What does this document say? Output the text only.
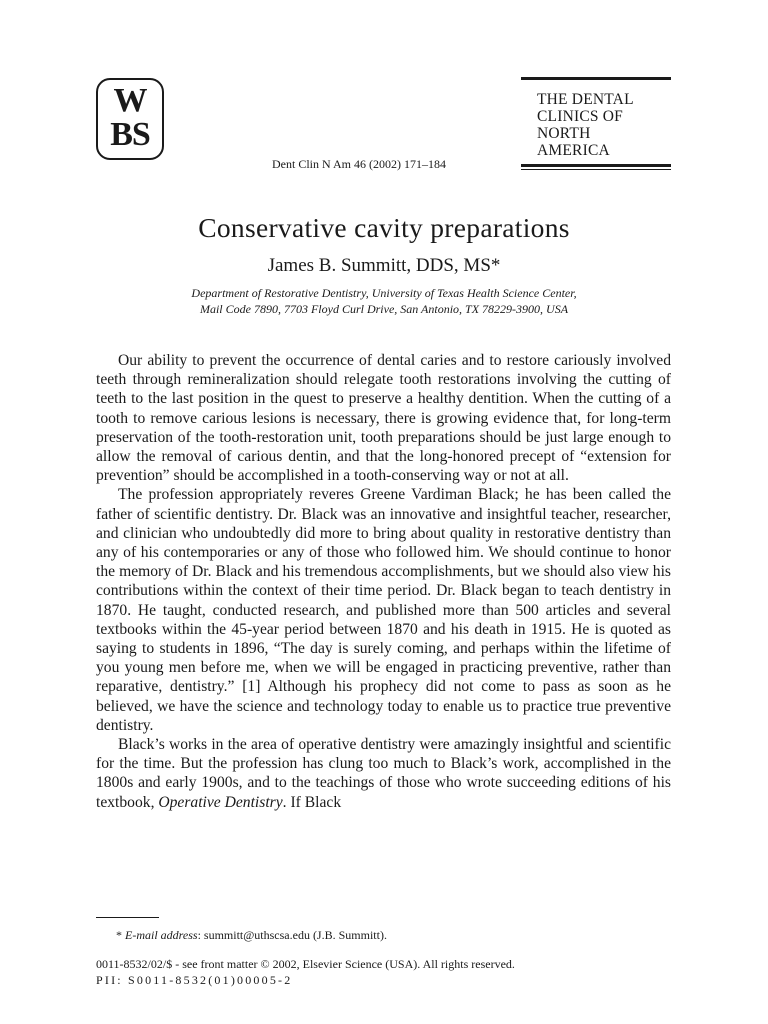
W
BS
THE DENTAL
CLINICS OF
NORTH
AMERICA
Dent Clin N Am 46 (2002) 171–184
Conservative cavity preparations
James B. Summitt, DDS, MS*
Department of Restorative Dentistry, University of Texas Health Science Center,
Mail Code 7890, 7703 Floyd Curl Drive, San Antonio, TX 78229-3900, USA

Our ability to prevent the occurrence of dental caries and to restore cariously involved teeth through remineralization should relegate tooth restorations involving the cutting of teeth to the last position in the quest to preserve a healthy dentition. When the cutting of a tooth to remove carious lesions is necessary, there is growing evidence that, for long-term preservation of the tooth-restoration unit, tooth preparations should be just large enough to allow the removal of carious dentin, and that the long-honored precept of “extension for prevention” should be accomplished in a tooth-conserving way or not at all.

The profession appropriately reveres Greene Vardiman Black; he has been called the father of scientific dentistry. Dr. Black was an innovative and insightful teacher, researcher, and clinician who undoubtedly did more to bring about quality in restorative dentistry than any of his contemporaries or any of those who followed him. We should continue to honor the memory of Dr. Black and his tremendous accomplishments, but we should also view his contributions within the context of their time period. Dr. Black began to teach dentistry in 1870. He taught, conducted research, and published more than 500 articles and several textbooks within the 45-year period between 1870 and his death in 1915. He is quoted as saying to students in 1896, “The day is surely coming, and perhaps within the lifetime of you young men before me, when we will be engaged in practicing preventive, rather than reparative, dentistry.” [1] Although his prophecy did not come to pass as soon as he believed, we have the science and technology today to enable us to practice true preventive dentistry.

Black’s works in the area of operative dentistry were amazingly insightful and scientific for the time. But the profession has clung too much to Black’s work, accomplished in the 1800s and early 1900s, and to the teachings of those who wrote succeeding editions of his textbook, Operative Dentistry. If Black

* E-mail address: summitt@uthscsa.edu (J.B. Summitt).
0011-8532/02/$ - see front matter © 2002, Elsevier Science (USA). All rights reserved.
PII: S0011-8532(01)00005-2
